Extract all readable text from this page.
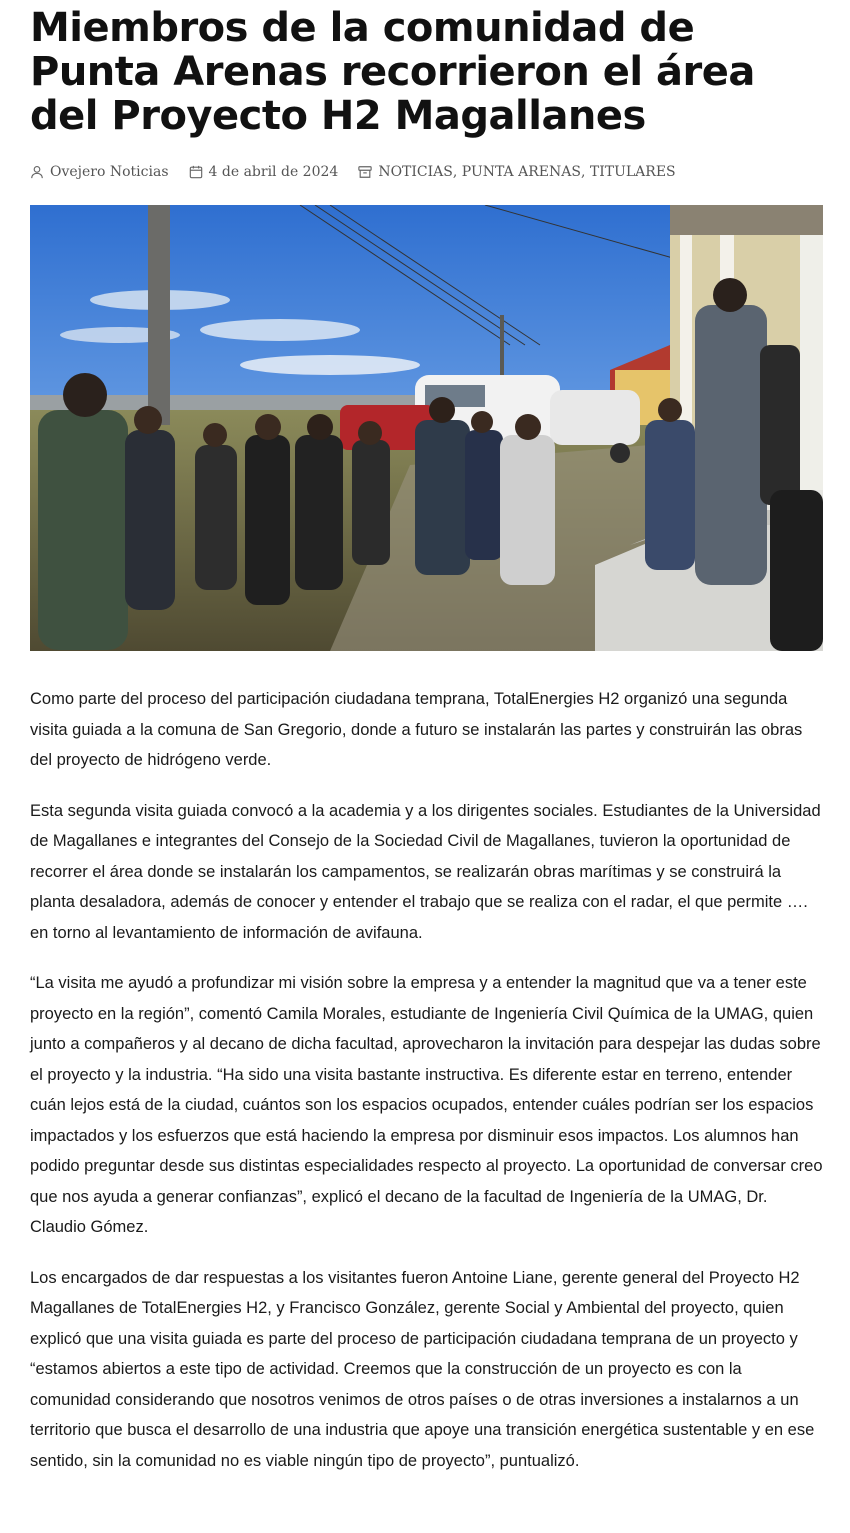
Miembros de la comunidad de Punta Arenas recorrieron el área del Proyecto H2 Magallanes
Ovejero Noticias	4 de abril de 2024	NOTICIAS , PUNTA ARENAS , TITULARES

Como parte del proceso del participación ciudadana temprana, TotalEnergies H2 organizó una segunda visita guiada a la comuna de San Gregorio, donde a futuro se instalarán las partes y construirán las obras del proyecto de hidrógeno verde.

Esta segunda visita guiada convocó a la academia y a los dirigentes sociales. Estudiantes de la Universidad de Magallanes e integrantes del Consejo de la Sociedad Civil de Magallanes, tuvieron la oportunidad de recorrer el área donde se instalarán los campamentos, se realizarán obras marítimas y se construirá la planta desaladora, además de conocer y entender el trabajo que se realiza con el radar, el que permite …. en torno al levantamiento de información de avifauna.

“La visita me ayudó a profundizar mi visión sobre la empresa y a entender la magnitud que va a tener este proyecto en la región”, comentó Camila Morales, estudiante de Ingeniería Civil Química de la UMAG, quien junto a compañeros y al decano de dicha facultad, aprovecharon la invitación para despejar las dudas sobre el proyecto y la industria. “Ha sido una visita bastante instructiva. Es diferente estar en terreno, entender cuán lejos está de la ciudad, cuántos son los espacios ocupados, entender cuáles podrían ser los espacios impactados y los esfuerzos que está haciendo la empresa por disminuir esos impactos. Los alumnos han podido preguntar desde sus distintas especialidades respecto al proyecto. La oportunidad de conversar creo que nos ayuda a generar confianzas”, explicó el decano de la facultad de Ingeniería de la UMAG, Dr. Claudio Gómez.

Los encargados de dar respuestas a los visitantes fueron Antoine Liane, gerente general del Proyecto H2 Magallanes de TotalEnergies H2, y Francisco González, gerente Social y Ambiental del proyecto, quien explicó que una visita guiada es parte del proceso de participación ciudadana temprana de un proyecto y “estamos abiertos a este tipo de actividad. Creemos que la construcción de un proyecto es con la comunidad considerando que nosotros venimos de otros países o de otras inversiones a instalarnos a un territorio que busca el desarrollo de una industria que apoye una transición energética sustentable y en ese sentido, sin la comunidad no es viable ningún tipo de proyecto”, puntualizó.
